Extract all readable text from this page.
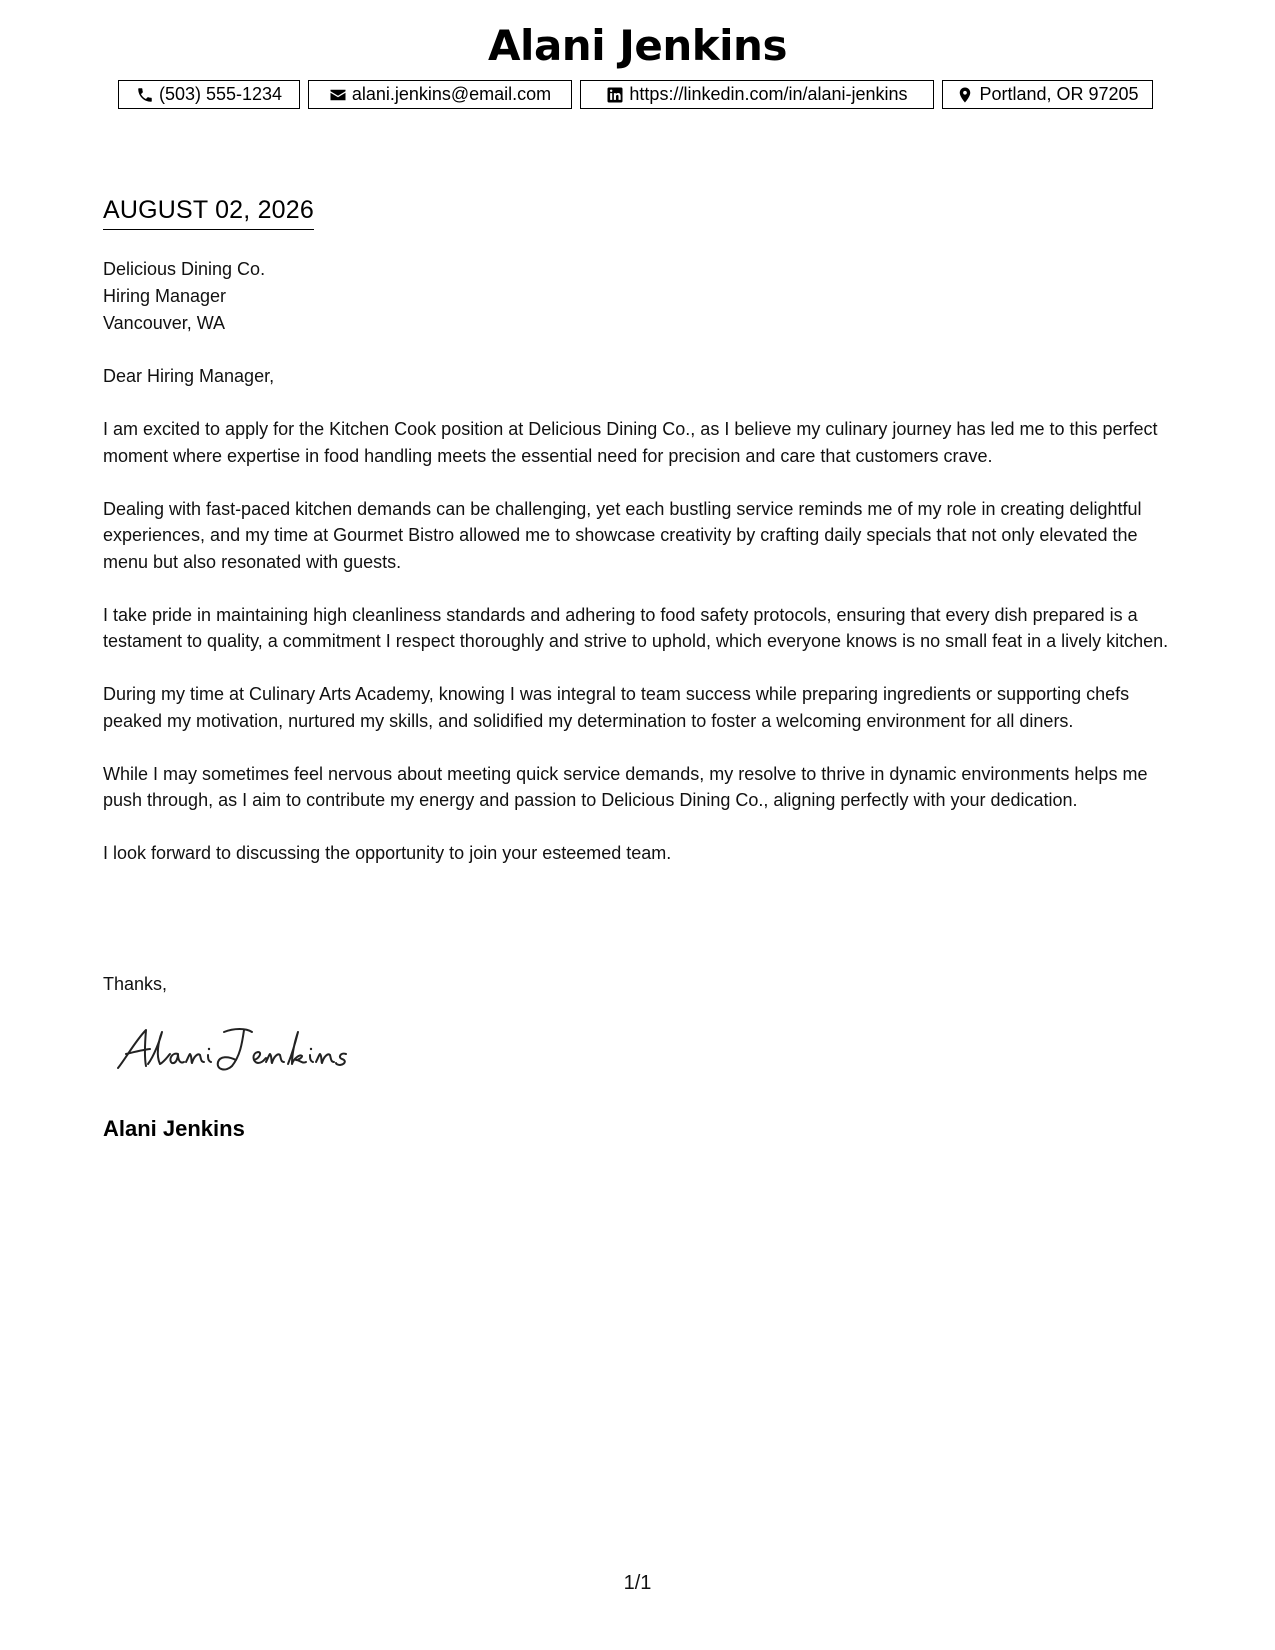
Alani Jenkins
(503) 555-1234	alani.jenkins@email.com	https://linkedin.com/in/alani-jenkins	Portland, OR 97205
AUGUST 02, 2026
Delicious Dining Co.
Hiring Manager
Vancouver, WA

Dear Hiring Manager,

I am excited to apply for the Kitchen Cook position at Delicious Dining Co., as I believe my culinary journey has led me to this perfect moment where expertise in food handling meets the essential need for precision and care that customers crave.

Dealing with fast-paced kitchen demands can be challenging, yet each bustling service reminds me of my role in creating delightful experiences, and my time at Gourmet Bistro allowed me to showcase creativity by crafting daily specials that not only elevated the menu but also resonated with guests.

I take pride in maintaining high cleanliness standards and adhering to food safety protocols, ensuring that every dish prepared is a testament to quality, a commitment I respect thoroughly and strive to uphold, which everyone knows is no small feat in a lively kitchen.

During my time at Culinary Arts Academy, knowing I was integral to team success while preparing ingredients or supporting chefs peaked my motivation, nurtured my skills, and solidified my determination to foster a welcoming environment for all diners.

While I may sometimes feel nervous about meeting quick service demands, my resolve to thrive in dynamic environments helps me push through, as I aim to contribute my energy and passion to Delicious Dining Co., aligning perfectly with your dedication.

I look forward to discussing the opportunity to join your esteemed team.

Thanks,
Alani Jenkins
1/1
